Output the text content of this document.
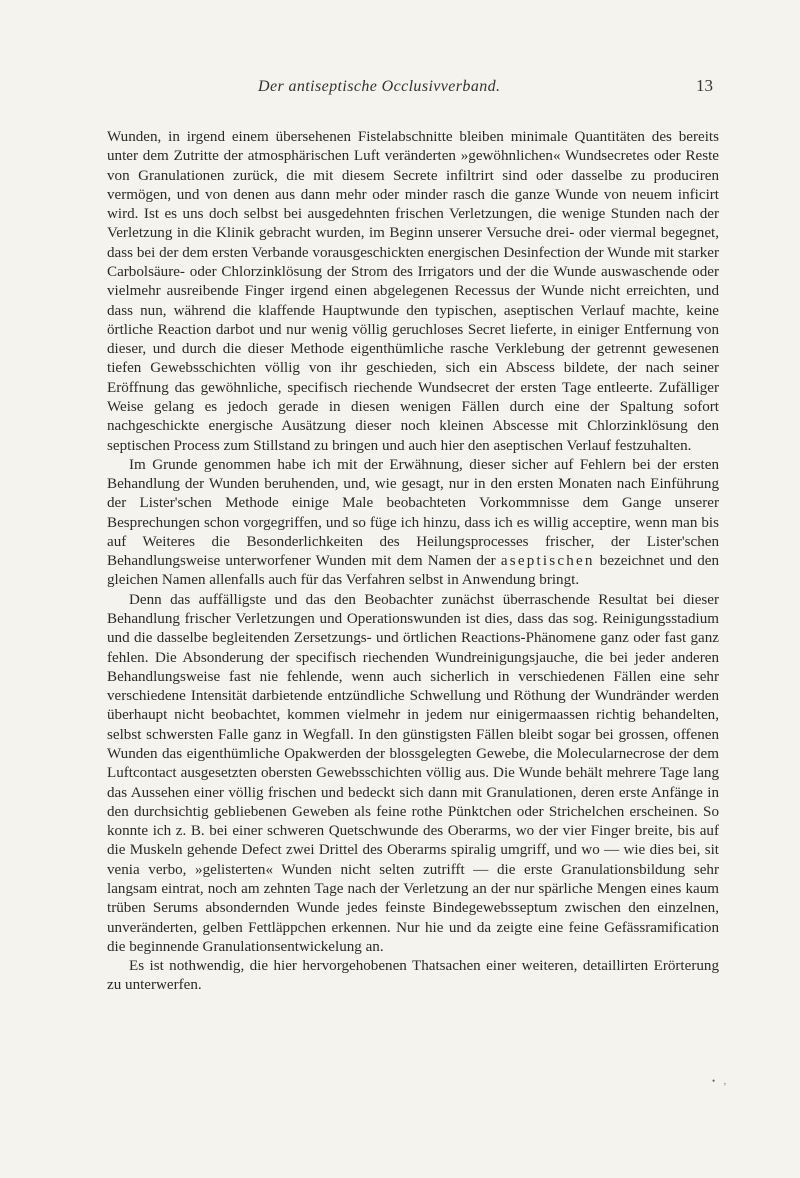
Der antiseptische Occlusivverband.	13

Wunden, in irgend einem übersehenen Fistelabschnitte bleiben minimale Quantitäten des bereits unter dem Zutritte der atmosphärischen Luft veränderten »gewöhnlichen« Wundsecretes oder Reste von Granulationen zurück, die mit diesem Secrete infiltrirt sind oder dasselbe zu produciren vermögen, und von denen aus dann mehr oder minder rasch die ganze Wunde von neuem inficirt wird. Ist es uns doch selbst bei ausgedehnten frischen Verletzungen, die wenige Stunden nach der Verletzung in die Klinik gebracht wurden, im Beginn unserer Versuche drei- oder viermal begegnet, dass bei der dem ersten Verbande vorausgeschickten energischen Desinfection der Wunde mit starker Carbolsäure- oder Chlorzinklösung der Strom des Irrigators und der die Wunde auswaschende oder vielmehr ausreibende Finger irgend einen abgelegenen Recessus der Wunde nicht erreichten, und dass nun, während die klaffende Hauptwunde den typischen, aseptischen Verlauf machte, keine örtliche Reaction darbot und nur wenig völlig geruchloses Secret lieferte, in einiger Entfernung von dieser, und durch die dieser Methode eigenthümliche rasche Verklebung der getrennt gewesenen tiefen Gewebsschichten völlig von ihr geschieden, sich ein Abscess bildete, der nach seiner Eröffnung das gewöhnliche, specifisch riechende Wundsecret der ersten Tage entleerte. Zufälliger Weise gelang es jedoch gerade in diesen wenigen Fällen durch eine der Spaltung sofort nachgeschickte energische Ausätzung dieser noch kleinen Abscesse mit Chlorzinklösung den septischen Process zum Stillstand zu bringen und auch hier den aseptischen Verlauf festzuhalten.

Im Grunde genommen habe ich mit der Erwähnung, dieser sicher auf Fehlern bei der ersten Behandlung der Wunden beruhenden, und, wie gesagt, nur in den ersten Monaten nach Einführung der Lister'schen Methode einige Male beobachteten Vorkommnisse dem Gange unserer Besprechungen schon vorgegriffen, und so füge ich hinzu, dass ich es willig acceptire, wenn man bis auf Weiteres die Besonderlichkeiten des Heilungsprocesses frischer, der Lister'schen Behandlungsweise unterworfener Wunden mit dem Namen der aseptischen bezeichnet und den gleichen Namen allenfalls auch für das Verfahren selbst in Anwendung bringt.

Denn das auffälligste und das den Beobachter zunächst überraschende Resultat bei dieser Behandlung frischer Verletzungen und Operationswunden ist dies, dass das sog. Reinigungsstadium und die dasselbe begleitenden Zersetzungs- und örtlichen Reactions-Phänomene ganz oder fast ganz fehlen. Die Absonderung der specifisch riechenden Wundreinigungsjauche, die bei jeder anderen Behandlungsweise fast nie fehlende, wenn auch sicherlich in verschiedenen Fällen eine sehr verschiedene Intensität darbietende entzündliche Schwellung und Röthung der Wundränder werden überhaupt nicht beobachtet, kommen vielmehr in jedem nur einigermaassen richtig behandelten, selbst schwersten Falle ganz in Wegfall. In den günstigsten Fällen bleibt sogar bei grossen, offenen Wunden das eigenthümliche Opakwerden der blossgelegten Gewebe, die Molecularnecrose der dem Luftcontact ausgesetzten obersten Gewebsschichten völlig aus. Die Wunde behält mehrere Tage lang das Aussehen einer völlig frischen und bedeckt sich dann mit Granulationen, deren erste Anfänge in den durchsichtig gebliebenen Geweben als feine rothe Pünktchen oder Strichelchen erscheinen. So konnte ich z. B. bei einer schweren Quetschwunde des Oberarms, wo der vier Finger breite, bis auf die Muskeln gehende Defect zwei Drittel des Oberarms spiralig umgriff, und wo — wie dies bei, sit venia verbo, »gelisterten« Wunden nicht selten zutrifft — die erste Granulationsbildung sehr langsam eintrat, noch am zehnten Tage nach der Verletzung an der nur spärliche Mengen eines kaum trüben Serums absondernden Wunde jedes feinste Bindegewebsseptum zwischen den einzelnen, unveränderten, gelben Fettläppchen erkennen. Nur hie und da zeigte eine feine Gefässramification die beginnende Granulationsentwickelung an.

Es ist nothwendig, die hier hervorgehobenen Thatsachen einer weiteren, detaillirten Erörterung zu unterwerfen.

• ‚
